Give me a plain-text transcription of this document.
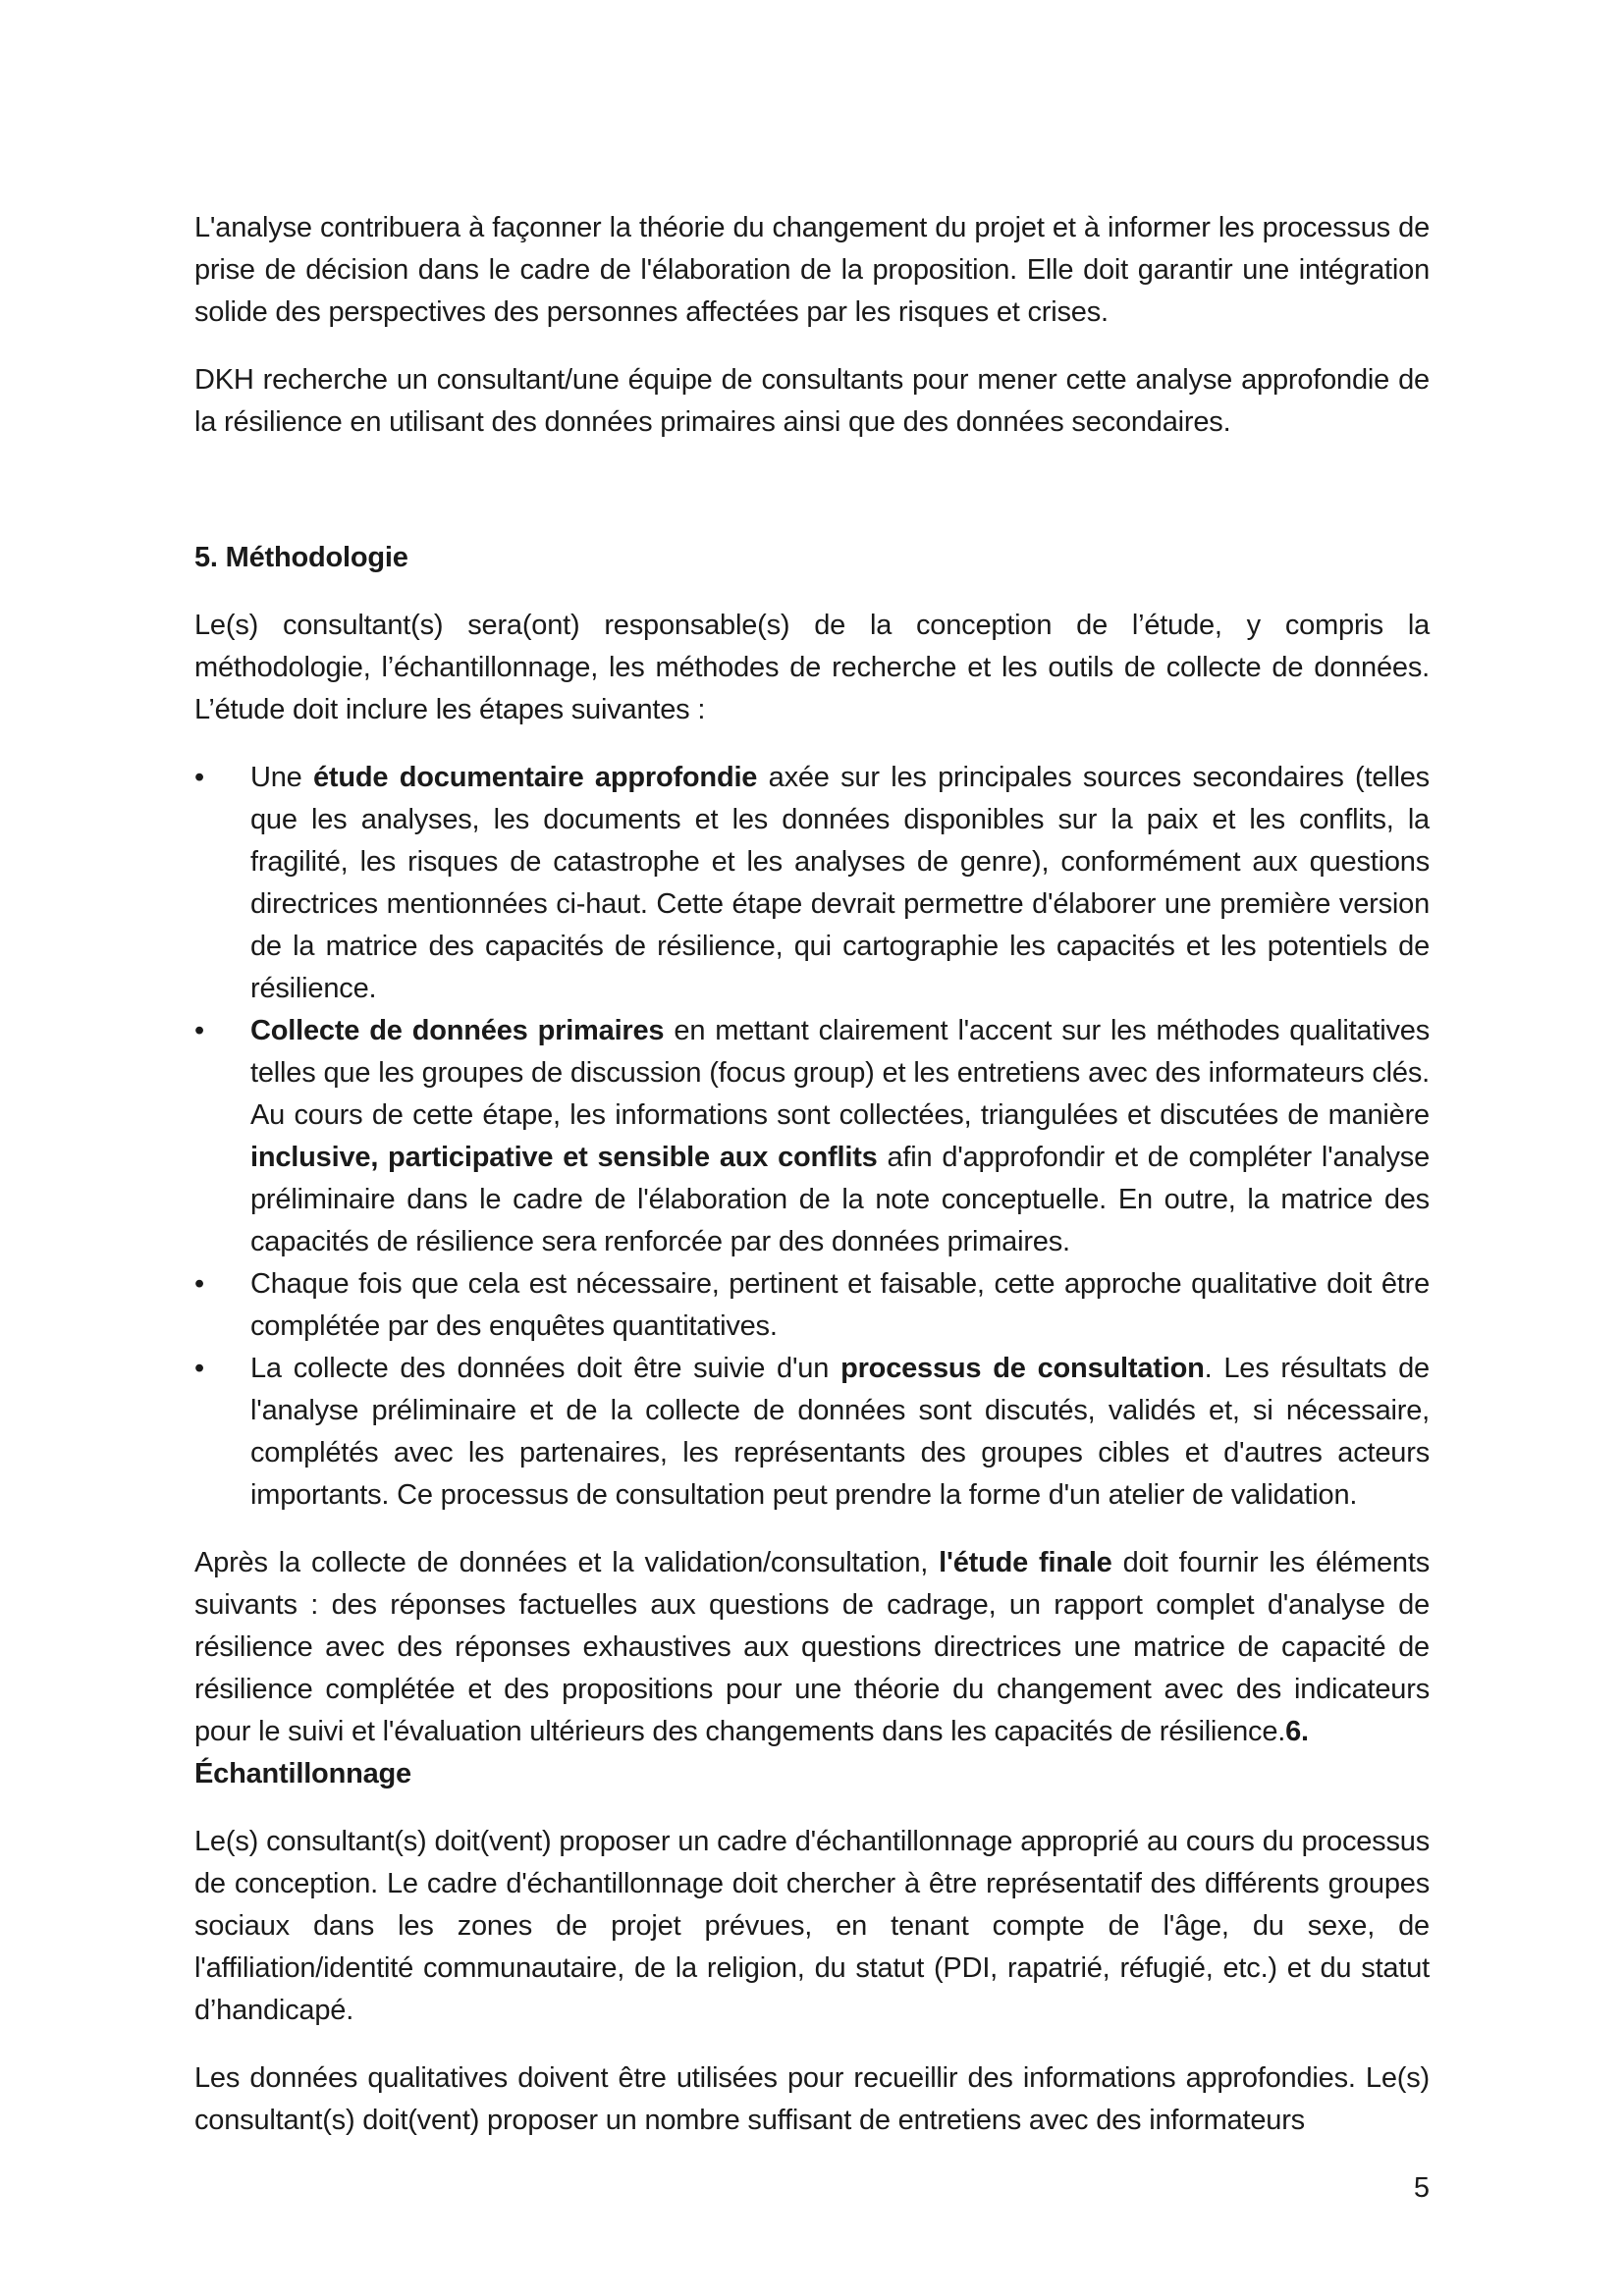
L'analyse contribuera à façonner la théorie du changement du projet et à informer les processus de prise de décision dans le cadre de l'élaboration de la proposition. Elle doit garantir une intégration solide des perspectives des personnes affectées par les risques et crises.
DKH recherche un consultant/une équipe de consultants pour mener cette analyse approfondie de la résilience en utilisant des données primaires ainsi que des données secondaires.
5. Méthodologie
Le(s) consultant(s) sera(ont) responsable(s) de la conception de l’étude, y compris la méthodologie, l’échantillonnage, les méthodes de recherche et les outils de collecte de données. L’étude doit inclure les étapes suivantes :
• Une étude documentaire approfondie axée sur les principales sources secondaires (telles que les analyses, les documents et les données disponibles sur la paix et les conflits, la fragilité, les risques de catastrophe et les analyses de genre), conformément aux questions directrices mentionnées ci-haut. Cette étape devrait permettre d'élaborer une première version de la matrice des capacités de résilience, qui cartographie les capacités et les potentiels de résilience.
• Collecte de données primaires en mettant clairement l'accent sur les méthodes qualitatives telles que les groupes de discussion (focus group) et les entretiens avec des informateurs clés. Au cours de cette étape, les informations sont collectées, triangulées et discutées de manière inclusive, participative et sensible aux conflits afin d'approfondir et de compléter l'analyse préliminaire dans le cadre de l'élaboration de la note conceptuelle. En outre, la matrice des capacités de résilience sera renforcée par des données primaires.
• Chaque fois que cela est nécessaire, pertinent et faisable, cette approche qualitative doit être complétée par des enquêtes quantitatives.
• La collecte des données doit être suivie d'un processus de consultation. Les résultats de l'analyse préliminaire et de la collecte de données sont discutés, validés et, si nécessaire, complétés avec les partenaires, les représentants des groupes cibles et d'autres acteurs importants. Ce processus de consultation peut prendre la forme d'un atelier de validation.
Après la collecte de données et la validation/consultation, l'étude finale doit fournir les éléments suivants : des réponses factuelles aux questions de cadrage, un rapport complet d'analyse de résilience avec des réponses exhaustives aux questions directrices une matrice de capacité de résilience complétée et des propositions pour une théorie du changement avec des indicateurs pour le suivi et l'évaluation ultérieurs des changements dans les capacités de résilience.6.
Échantillonnage
Le(s) consultant(s) doit(vent) proposer un cadre d'échantillonnage approprié au cours du processus de conception. Le cadre d'échantillonnage doit chercher à être représentatif des différents groupes sociaux dans les zones de projet prévues, en tenant compte de l'âge, du sexe, de l'affiliation/identité communautaire, de la religion, du statut (PDI, rapatrié, réfugié, etc.) et du statut d’handicapé.
Les données qualitatives doivent être utilisées pour recueillir des informations approfondies. Le(s) consultant(s) doit(vent) proposer un nombre suffisant de entretiens avec des informateurs
5
